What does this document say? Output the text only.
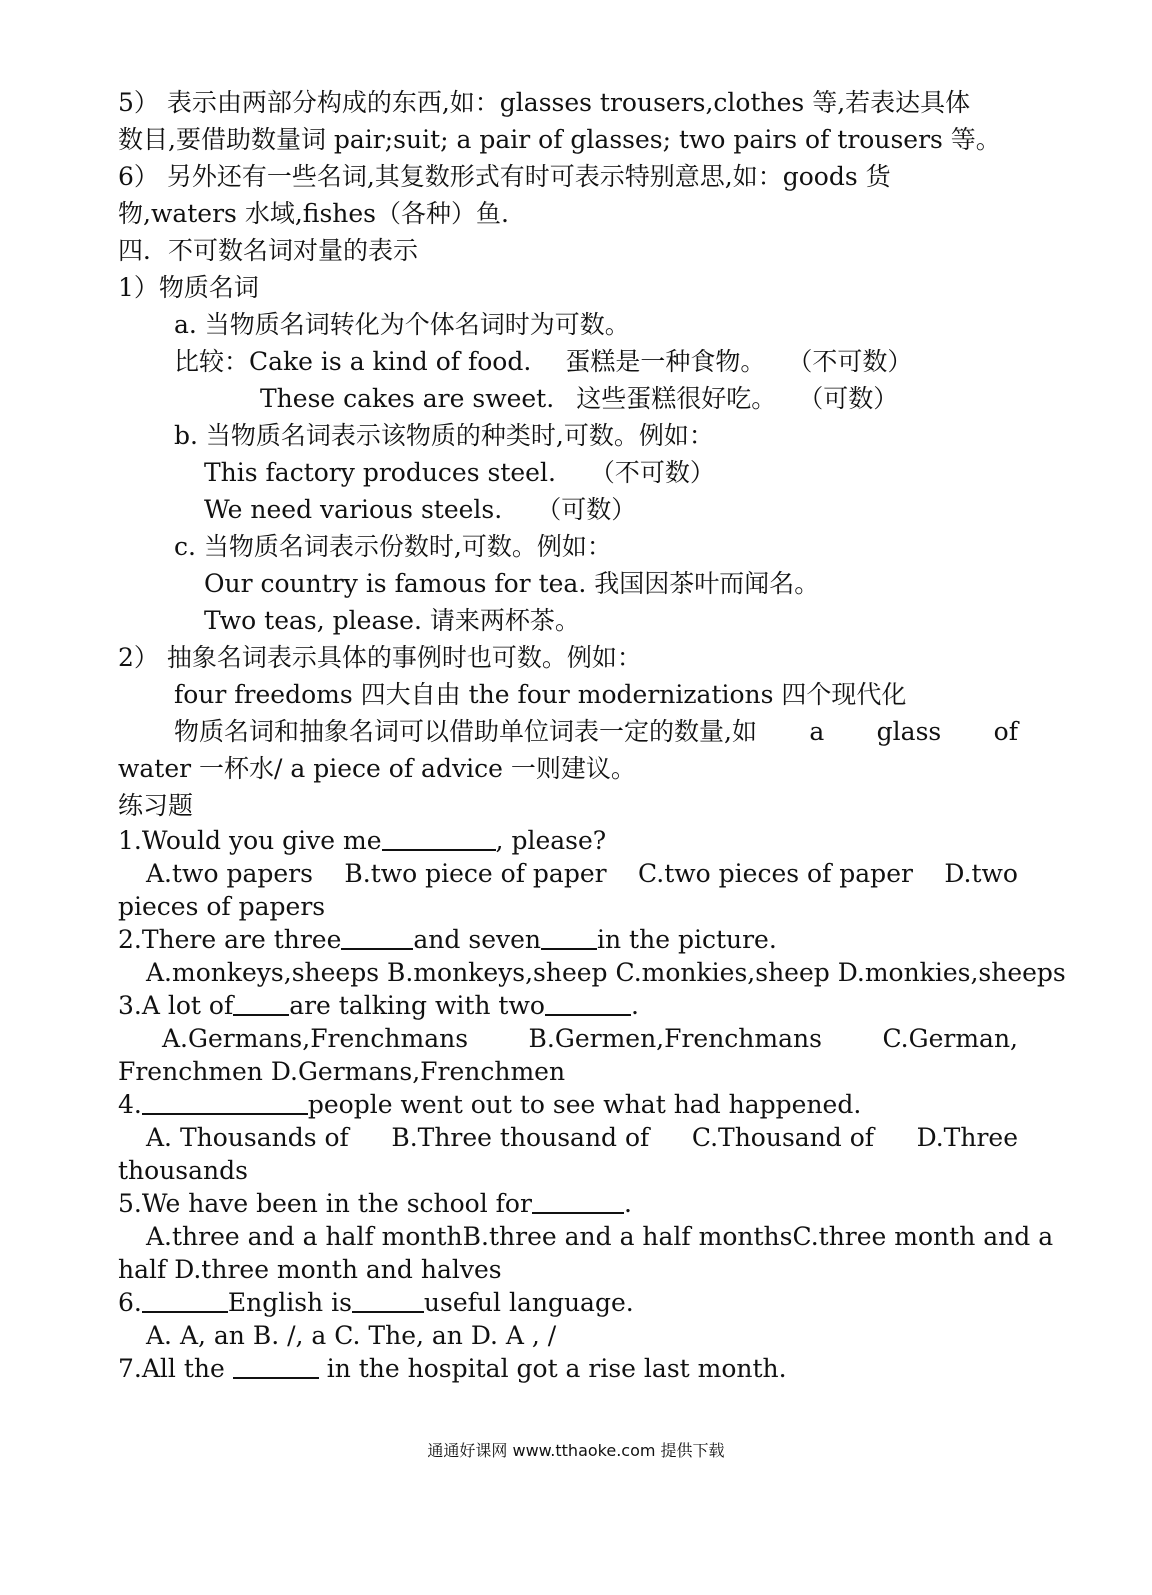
5） 表示由两部分构成的东西,如：glasses trousers,clothes 等,若表达具体
数目,要借助数量词 pair;suit; a pair of glasses; two pairs of trousers 等。
6） 另外还有一些名词,其复数形式有时可表示特别意思,如：goods 货
物,waters 水域,fishes（各种）鱼.
四．不可数名词对量的表示
1）物质名词
a. 当物质名词转化为个体名词时为可数。
比较：Cake is a kind of food. 蛋糕是一种食物。 （不可数）
These cakes are sweet. 这些蛋糕很好吃。 （可数）
b. 当物质名词表示该物质的种类时,可数。例如：
This factory produces steel. （不可数）
We need various steels. （可数）
c. 当物质名词表示份数时,可数。例如：
Our country is famous for tea. 我国因茶叶而闻名。
Two teas, please. 请来两杯茶。
2） 抽象名词表示具体的事例时也可数。例如：
four freedoms 四大自由 the four modernizations 四个现代化
物质名词和抽象名词可以借助单位词表一定的数量,如 a glass of
water 一杯水/ a piece of advice 一则建议。
练习题
1.Would you give me	, please?
A.two papers B.two piece of paper C.two pieces of paper D.two
pieces of papers
2.There are three	and seven in the picture.
A.monkeys,sheeps B.monkeys,sheep C.monkies,sheep D.monkies,sheeps
3.A lot of are talking with two	.
A.Germans,Frenchmans B.Germen,Frenchmans C.German,
Frenchmen D.Germans,Frenchmen
4.	people went out to see what had happened.
A. Thousands of B.Three thousand of C.Thousand of D.Three
thousands
5.We have been in the school for	.
A.three and a half month B.three and a half months C.three month and a
half D.three month and halves
6.	English is	useful language.
A. A, an B. /, a C. The, an D. A , /
7.All the	in the hospital got a rise last month.
通通好课网 www.tthaoke.com 提供下载
